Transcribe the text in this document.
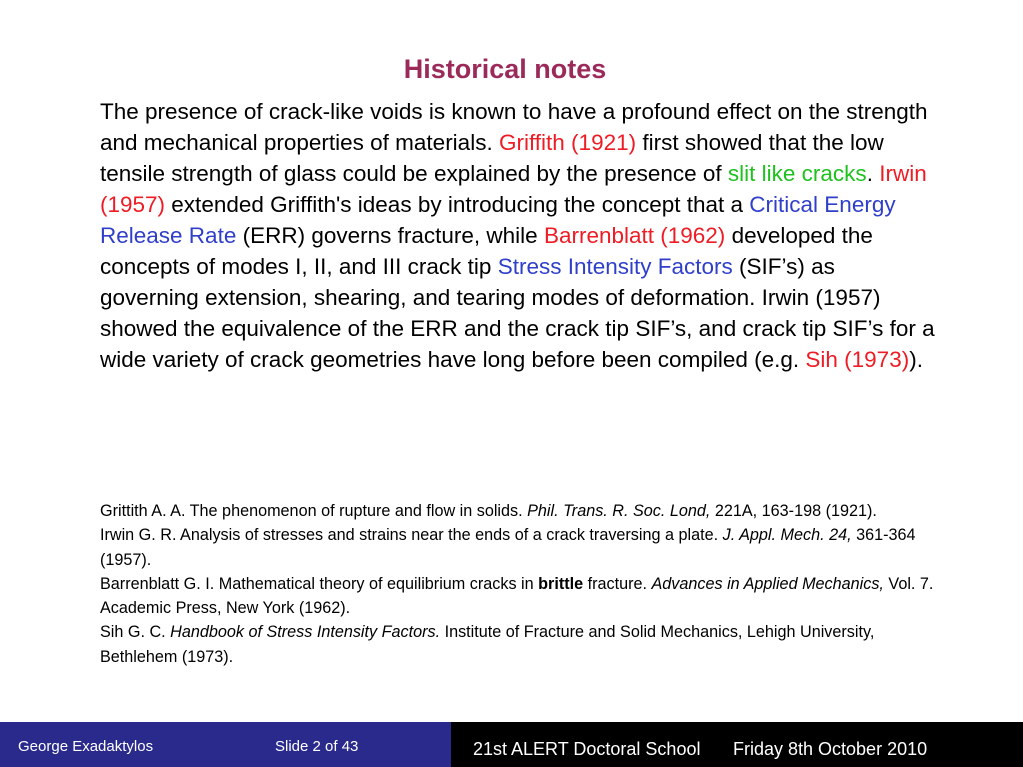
Historical notes
The presence of crack-like voids is known to have a profound effect on the strength and mechanical properties of materials. Griffith (1921) first showed that the low tensile strength of glass could be explained by the presence of slit like cracks. Irwin (1957) extended Griffith's ideas by introducing the concept that a Critical Energy Release Rate (ERR) governs fracture, while Barrenblatt (1962) developed the concepts of modes I, II, and III crack tip Stress Intensity Factors (SIF’s) as governing extension, shearing, and tearing modes of deformation. Irwin (1957) showed the equivalence of the ERR and the crack tip SIF’s, and crack tip SIF’s for a wide variety of crack geometries have long before been compiled (e.g. Sih (1973)).

Grittith A. A. The phenomenon of rupture and flow in solids. Phil. Trans. R. Soc. Lond, 221A, 163-198 (1921).

Irwin G. R. Analysis of stresses and strains near the ends of a crack traversing a plate. J. Appl. Mech. 24, 361-364 (1957).

Barrenblatt G. I. Mathematical theory of equilibrium cracks in brittle fracture. Advances in Applied Mechanics, Vol. 7. Academic Press, New York (1962).

Sih G. C. Handbook of Stress Intensity Factors. Institute of Fracture and Solid Mechanics, Lehigh University, Bethlehem (1973).

George Exadaktylos	Slide 2 of 43	21st ALERT Doctoral School Friday 8th October 2010
